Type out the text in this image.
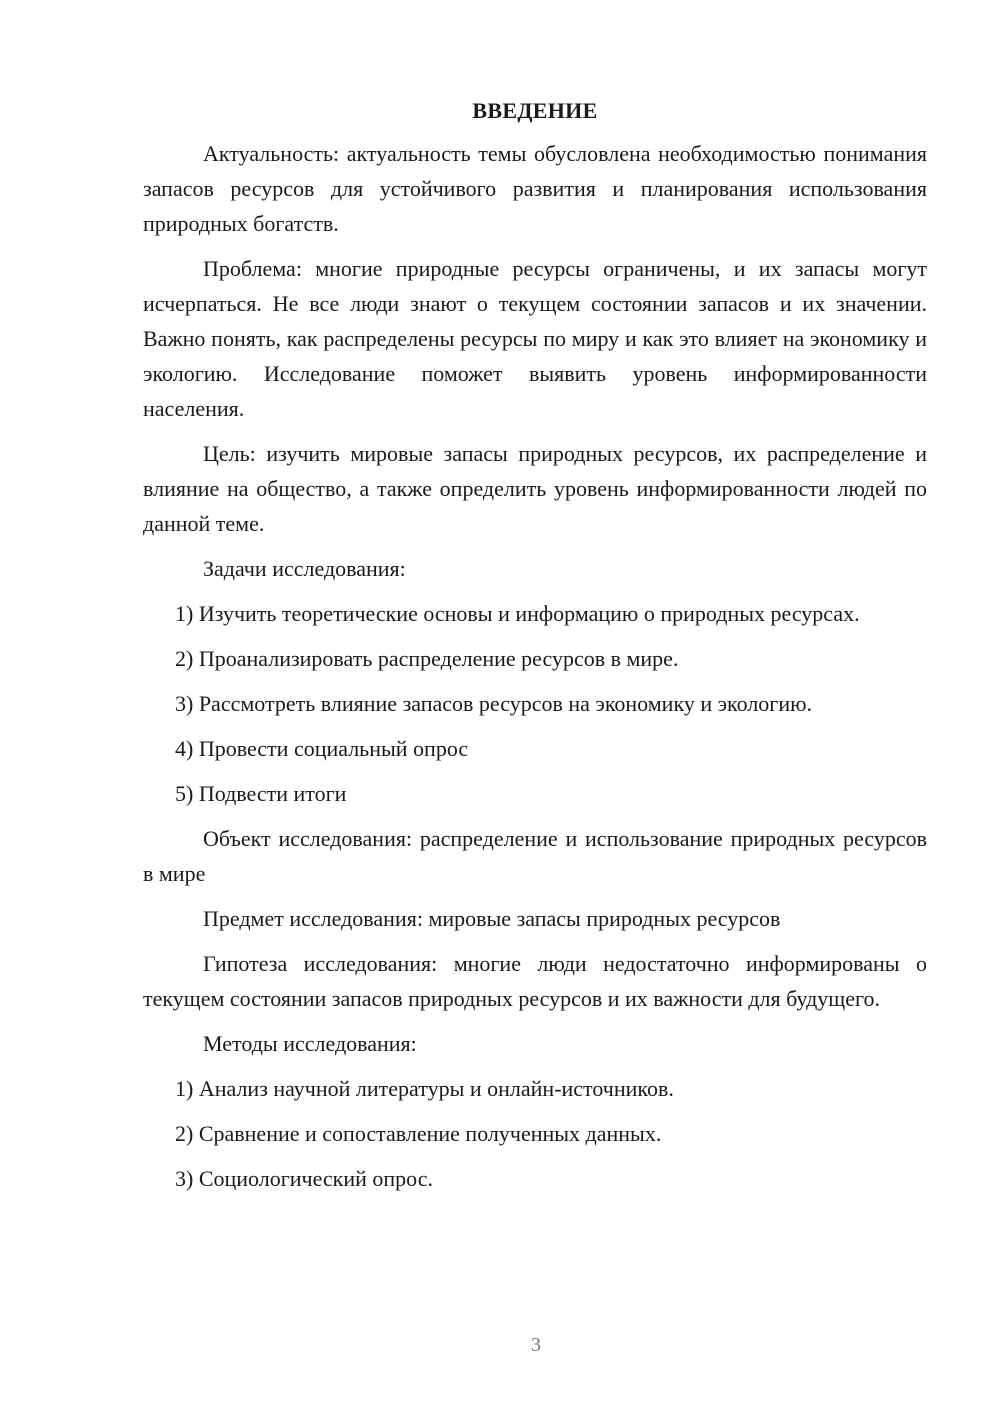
ВВЕДЕНИЕ

Актуальность: актуальность темы обусловлена необходимостью понимания запасов ресурсов для устойчивого развития и планирования использования природных богатств.

Проблема: многие природные ресурсы ограничены, и их запасы могут исчерпаться. Не все люди знают о текущем состоянии запасов и их значении. Важно понять, как распределены ресурсы по миру и как это влияет на экономику и экологию. Исследование поможет выявить уровень информированности населения.

Цель: изучить мировые запасы природных ресурсов, их распределение и влияние на общество, а также определить уровень информированности людей по данной теме.

Задачи исследования:

1) Изучить теоретические основы и информацию о природных ресурсах.

2) Проанализировать распределение ресурсов в мире.

3) Рассмотреть влияние запасов ресурсов на экономику и экологию.

4) Провести социальный опрос

5) Подвести итоги

Объект исследования: распределение и использование природных ресурсов в мире

Предмет исследования: мировые запасы природных ресурсов

Гипотеза исследования: многие люди недостаточно информированы о текущем состоянии запасов природных ресурсов и их важности для будущего.

Методы исследования:

1) Анализ научной литературы и онлайн-источников.

2) Сравнение и сопоставление полученных данных.

3) Социологический опрос.

3
